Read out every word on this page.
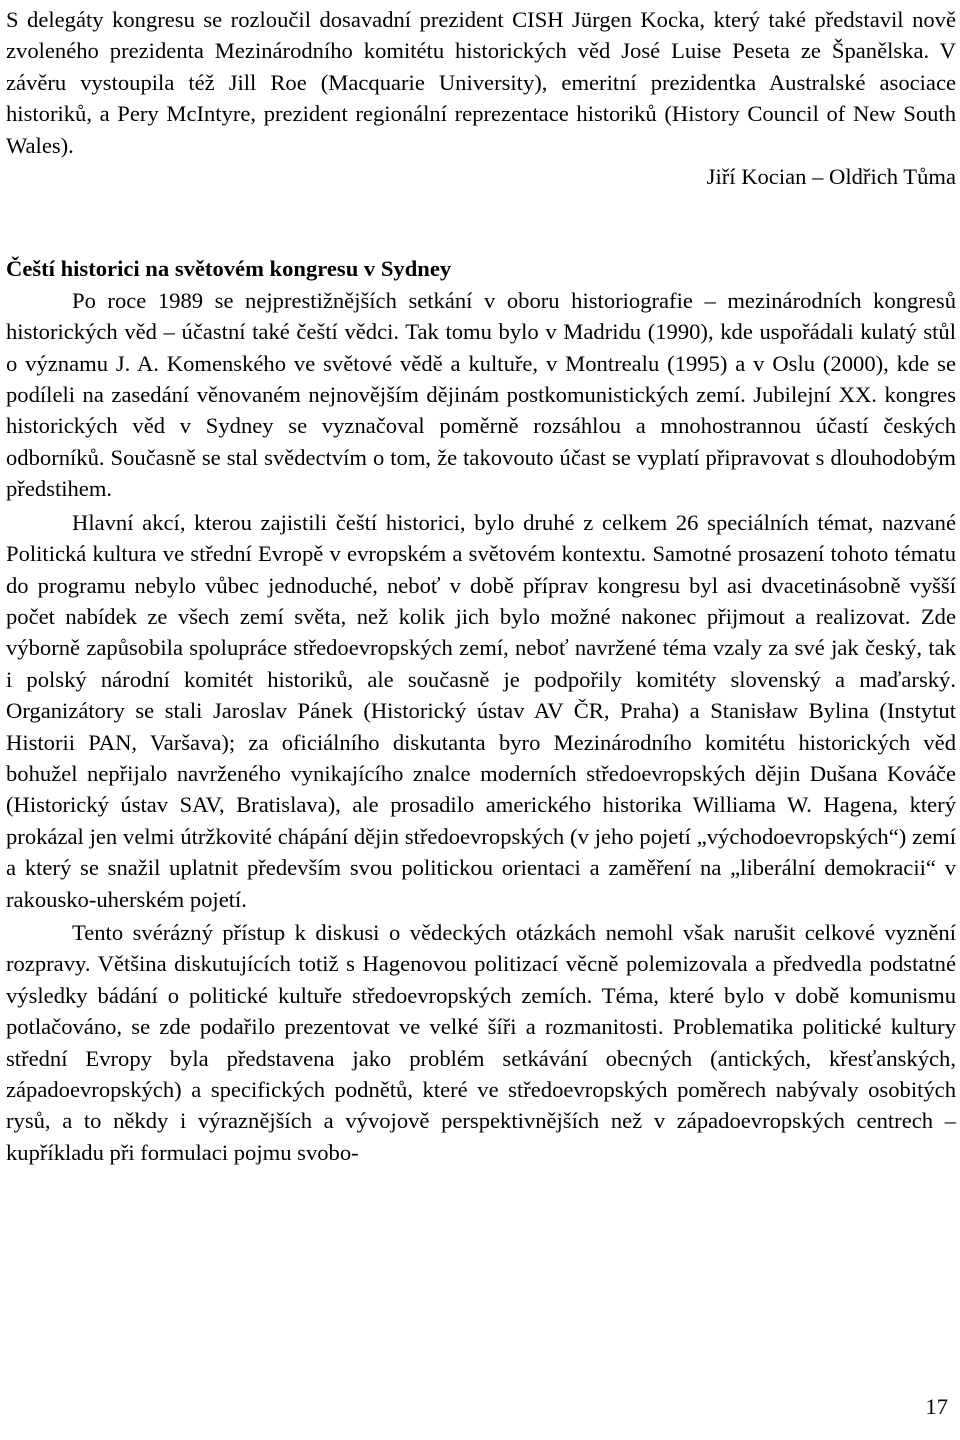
S delegáty kongresu se rozloučil dosavadní prezident CISH Jürgen Kocka, který také představil nově zvoleného prezidenta Mezinárodního komitétu historických věd José Luise Peseta ze Španělska. V závěru vystoupila též Jill Roe (Macquarie University), emeritní prezidentka Australské asociace historiků, a Pery McIntyre, prezident regionální reprezentace historiků (History Council of New South Wales).

Jiří Kocian – Oldřich Tůma

Čeští historici na světovém kongresu v Sydney

Po roce 1989 se nejprestižnějších setkání v oboru historiografie – mezinárodních kongresů historických věd – účastní také čeští vědci. Tak tomu bylo v Madridu (1990), kde uspořádali kulatý stůl o významu J. A. Komenského ve světové vědě a kultuře, v Montrealu (1995) a v Oslu (2000), kde se podíleli na zasedání věnovaném nejnovějším dějinám postkomunistických zemí. Jubilejní XX. kongres historických věd v Sydney se vyznačoval poměrně rozsáhlou a mnohostrannou účastí českých odborníků. Současně se stal svědectvím o tom, že takovouto účast se vyplatí připravovat s dlouhodobým předstihem.

Hlavní akcí, kterou zajistili čeští historici, bylo druhé z celkem 26 speciálních témat, nazvané Politická kultura ve střední Evropě v evropském a světovém kontextu. Samotné prosazení tohoto tématu do programu nebylo vůbec jednoduché, neboť v době příprav kongresu byl asi dvacetinásobně vyšší počet nabídek ze všech zemí světa, než kolik jich bylo možné nakonec přijmout a realizovat. Zde výborně zapůsobila spolupráce středoevropských zemí, neboť navržené téma vzaly za své jak český, tak i polský národní komitét historiků, ale současně je podpořily komitéty slovenský a maďarský. Organizátory se stali Jaroslav Pánek (Historický ústav AV ČR, Praha) a Stanisław Bylina (Instytut Historii PAN, Varšava); za oficiálního diskutanta byro Mezinárodního komitétu historických věd bohužel nepřijalo navrženého vynikajícího znalce moderních středoevropských dějin Dušana Kováče (Historický ústav SAV, Bratislava), ale prosadilo amerického historika Williama W. Hagena, který prokázal jen velmi útržkovité chápání dějin středoevropských (v jeho pojetí „východoevropských“) zemí a který se snažil uplatnit především svou politickou orientaci a zaměření na „liberální demokracii“ v rakousko-uherském pojetí.

Tento svérázný přístup k diskusi o vědeckých otázkách nemohl však narušit celkové vyznění rozpravy. Většina diskutujících totiž s Hagenovou politizací věcně polemizovala a předvedla podstatné výsledky bádání o politické kultuře středoevropských zemích. Téma, které bylo v době komunismu potlačováno, se zde podařilo prezentovat ve velké šíři a rozmanitosti. Problematika politické kultury střední Evropy byla představena jako problém setkávání obecných (antických, křesťanských, západoevropských) a specifických podnětů, které ve středoevropských poměrech nabývaly osobitých rysů, a to někdy i výraznějších a vývojově perspektivnějších než v západoevropských centrech – kupříkladu při formulaci pojmu svobo-

17
